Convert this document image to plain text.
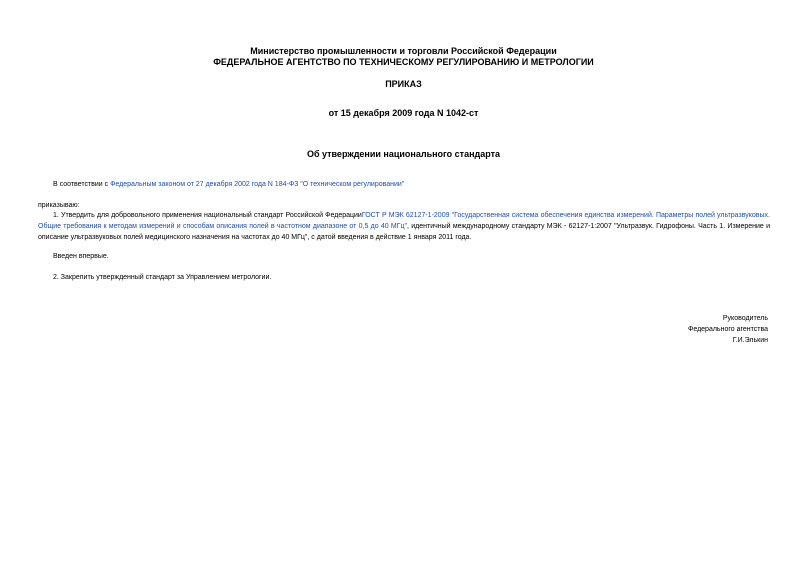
Министерство промышленности и торговли Российской Федерации
ФЕДЕРАЛЬНОЕ АГЕНТСТВО ПО ТЕХНИЧЕСКОМУ РЕГУЛИРОВАНИЮ И МЕТРОЛОГИИ
ПРИКАЗ
от 15 декабря 2009 года N 1042-ст
Об утверждении национального стандарта
В соответствии с Федеральным законом от 27 декабря 2002 года N 184-ФЗ "О техническом регулировании"
приказываю:
1. Утвердить для добровольного применения национальный стандарт Российской ФедерацииГОСТ Р МЭК 62127-1-2009 "Государственная система обеспечения единства измерений. Параметры полей ультразвуковых. Общие требования к методам измерений и способам описания полей в частотном диапазоне от 0,5 до 40 МГц", идентичный международному стандарту МЭК - 62127-1:2007 "Ультразвук. Гидрофоны. Часть 1. Измерение и описание ультразвуковых полей медицинского назначения на частотах до 40 МГц", с датой введения в действие 1 января 2011 года.
Введен впервые.
2. Закрепить утвержденный стандарт за Управлением метрологии.
Руководитель
Федерального агентства
Г.И.Элькин
